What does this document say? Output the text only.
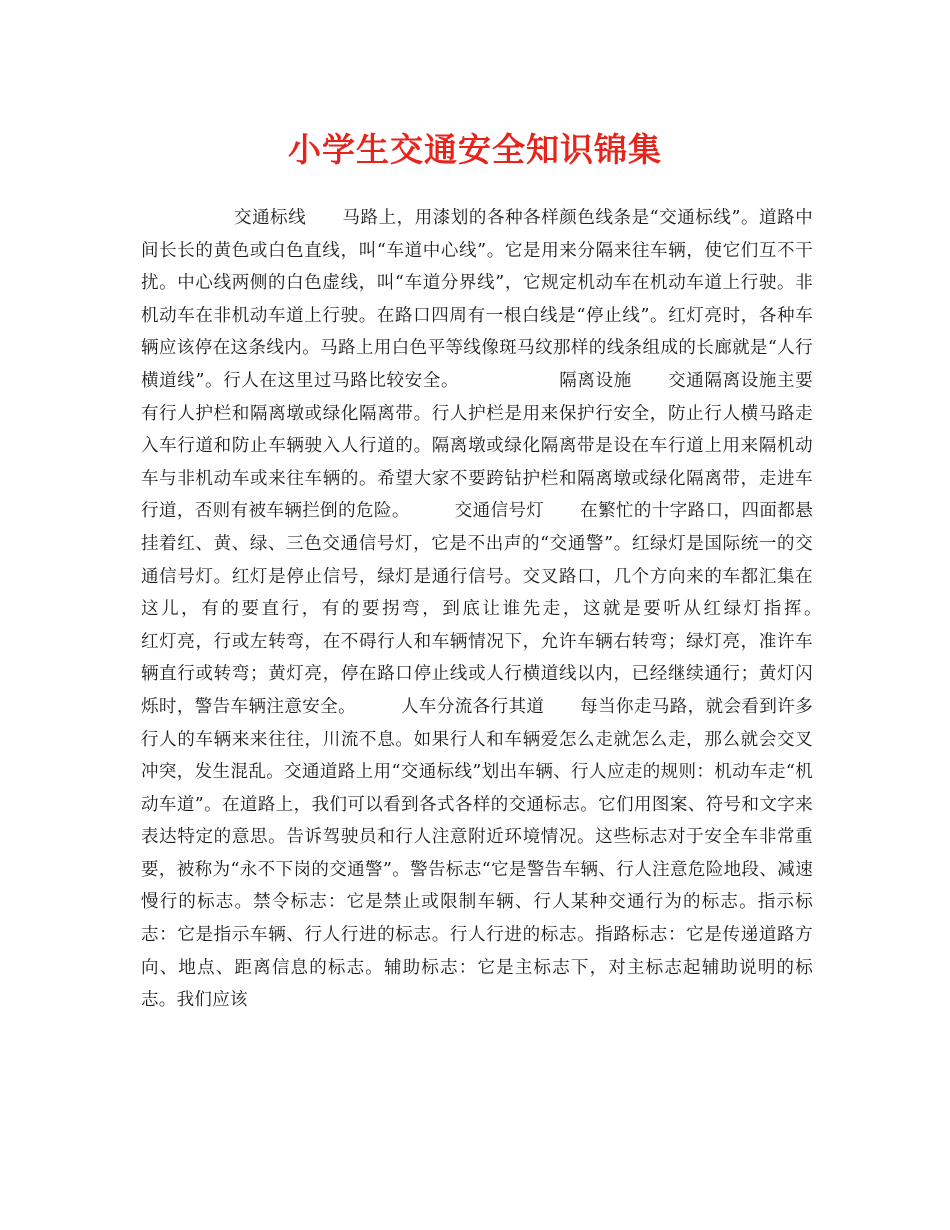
小学生交通安全知识锦集

交通标线　　马路上，用漆划的各种各样颜色线条是“交通标线”。道路中间长长的黄色或白色直线，叫“车道中心线”。它是用来分隔来往车辆，使它们互不干扰。中心线两侧的白色虚线，叫“车道分界线”，它规定机动车在机动车道上行驶。非机动车在非机动车道上行驶。在路口四周有一根白线是“停止线”。红灯亮时，各种车辆应该停在这条线内。马路上用白色平等线像斑马纹那样的线条组成的长廊就是“人行横道线”。行人在这里过马路比较安全。　　　　　　隔离设施　　交通隔离设施主要有行人护栏和隔离墩或绿化隔离带。行人护栏是用来保护行安全，防止行人横马路走入车行道和防止车辆驶入人行道的。隔离墩或绿化隔离带是设在车行道上用来隔机动车与非机动车或来往车辆的。希望大家不要跨钻护栏和隔离墩或绿化隔离带，走进车行道，否则有被车辆拦倒的危险。　　　交通信号灯　　在繁忙的十字路口，四面都悬挂着红、黄、绿、三色交通信号灯，它是不出声的“交通警”。红绿灯是国际统一的交通信号灯。红灯是停止信号，绿灯是通行信号。交叉路口，几个方向来的车都汇集在这儿，有的要直行，有的要拐弯，到底让谁先走，这就是要听从红绿灯指挥。　　　　　　红灯亮，行或左转弯，在不碍行人和车辆情况下，允许车辆右转弯；绿灯亮，准许车辆直行或转弯；黄灯亮，停在路口停止线或人行横道线以内，已经继续通行；黄灯闪烁时，警告车辆注意安全。　　　人车分流各行其道　　每当你走马路，就会看到许多行人的车辆来来往往，川流不息。如果行人和车辆爱怎么走就怎么走，那么就会交叉冲突，发生混乱。交通道路上用“交通标线”划出车辆、行人应走的规则：机动车走“机动车道”。在道路上，我们可以看到各式各样的交通标志。它们用图案、符号和文字来表达特定的意思。告诉驾驶员和行人注意附近环境情况。这些标志对于安全车非常重要，被称为“永不下岗的交通警”。警告标志“它是警告车辆、行人注意危险地段、减速慢行的标志。禁令标志：它是禁止或限制车辆、行人某种交通行为的标志。指示标志：它是指示车辆、行人行进的标志。行人行进的标志。指路标志：它是传递道路方向、地点、距离信息的标志。辅助标志：它是主标志下，对主标志起辅助说明的标志。我们应该
